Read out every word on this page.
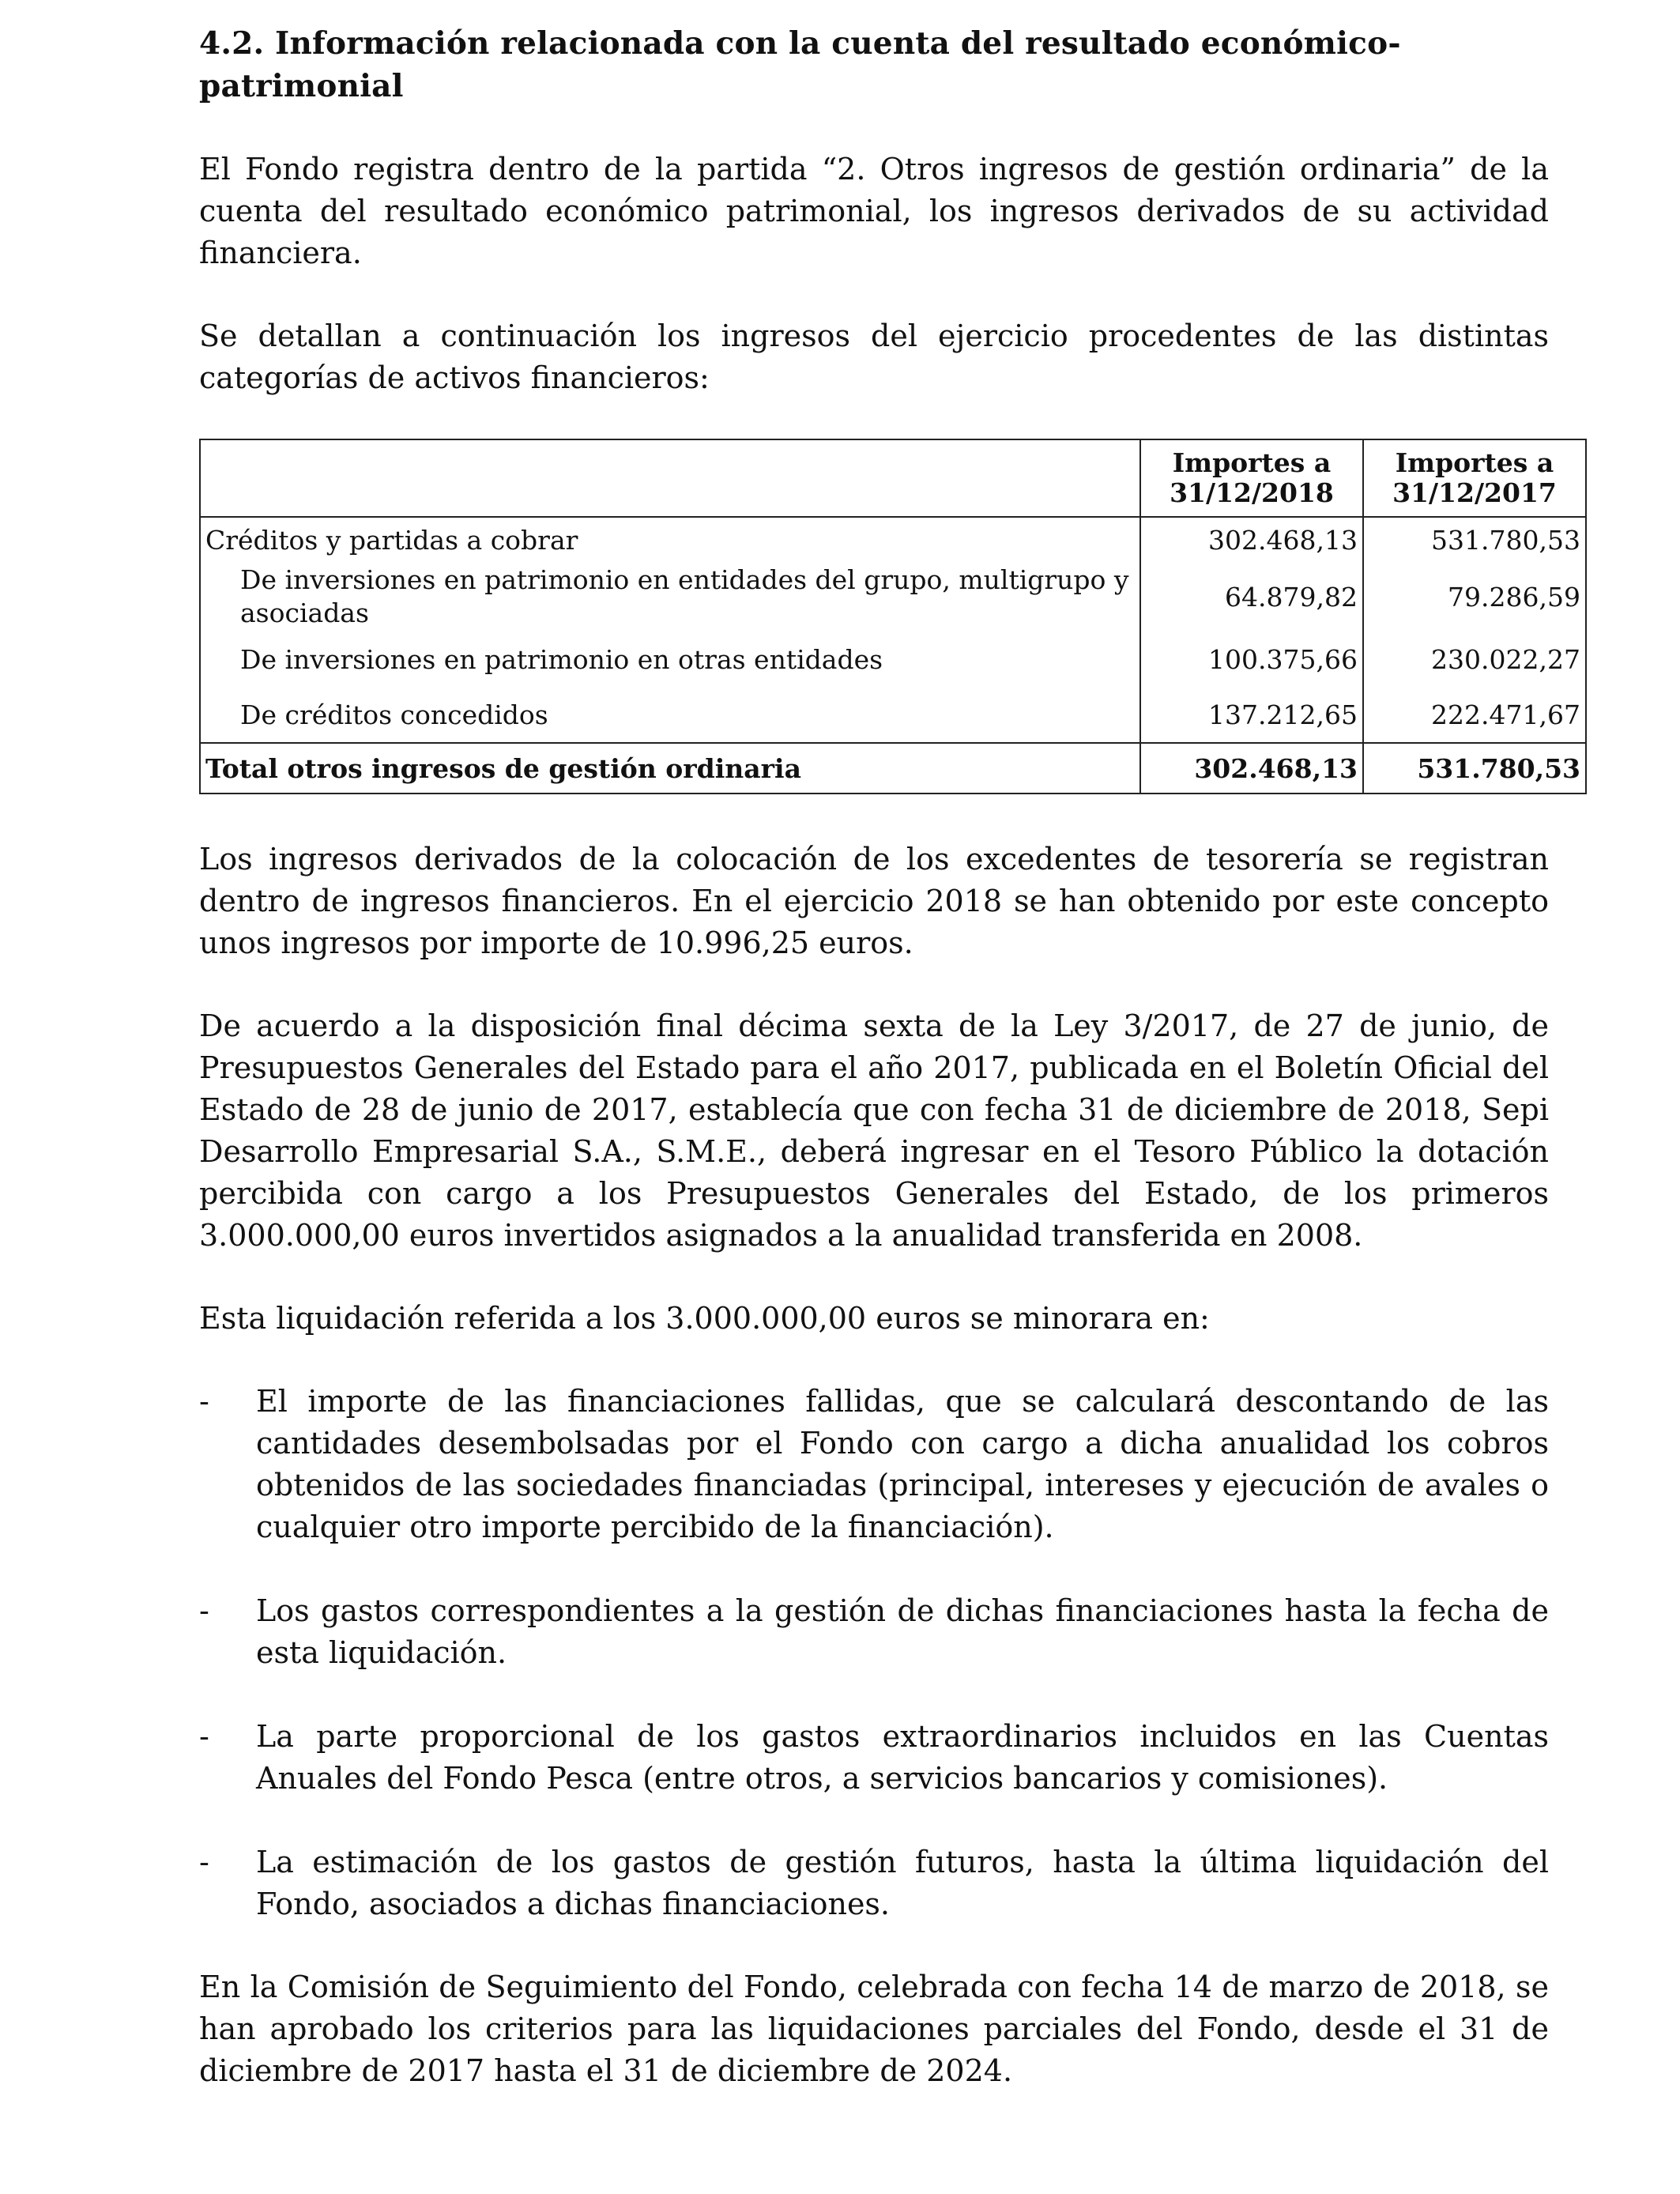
4.2. Información relacionada con la cuenta del resultado económico-patrimonial

El Fondo registra dentro de la partida “2. Otros ingresos de gestión ordinaria” de la cuenta del resultado económico patrimonial, los ingresos derivados de su actividad financiera.

Se detallan a continuación los ingresos del ejercicio procedentes de las distintas categorías de activos financieros:

	Importes a 31/12/2018	Importes a 31/12/2017
Créditos y partidas a cobrar	302.468,13	531.780,53
De inversiones en patrimonio en entidades del grupo, multigrupo y asociadas	64.879,82	79.286,59
De inversiones en patrimonio en otras entidades	100.375,66	230.022,27
De créditos concedidos	137.212,65	222.471,67
Total otros ingresos de gestión ordinaria	302.468,13	531.780,53

Los ingresos derivados de la colocación de los excedentes de tesorería se registran dentro de ingresos financieros. En el ejercicio 2018 se han obtenido por este concepto unos ingresos por importe de 10.996,25 euros.

De acuerdo a la disposición final décima sexta de la Ley 3/2017, de 27 de junio, de Presupuestos Generales del Estado para el año 2017, publicada en el Boletín Oficial del Estado de 28 de junio de 2017, establecía que con fecha 31 de diciembre de 2018, Sepi Desarrollo Empresarial S.A., S.M.E., deberá ingresar en el Tesoro Público la dotación percibida con cargo a los Presupuestos Generales del Estado, de los primeros 3.000.000,00 euros invertidos asignados a la anualidad transferida en 2008.

Esta liquidación referida a los 3.000.000,00 euros se minorara en:

- El importe de las financiaciones fallidas, que se calculará descontando de las cantidades desembolsadas por el Fondo con cargo a dicha anualidad los cobros obtenidos de las sociedades financiadas (principal, intereses y ejecución de avales o cualquier otro importe percibido de la financiación).
- Los gastos correspondientes a la gestión de dichas financiaciones hasta la fecha de esta liquidación.
- La parte proporcional de los gastos extraordinarios incluidos en las Cuentas Anuales del Fondo Pesca (entre otros, a servicios bancarios y comisiones).
- La estimación de los gastos de gestión futuros, hasta la última liquidación del Fondo, asociados a dichas financiaciones.

En la Comisión de Seguimiento del Fondo, celebrada con fecha 14 de marzo de 2018, se han aprobado los criterios para las liquidaciones parciales del Fondo, desde el 31 de diciembre de 2017 hasta el 31 de diciembre de 2024.
